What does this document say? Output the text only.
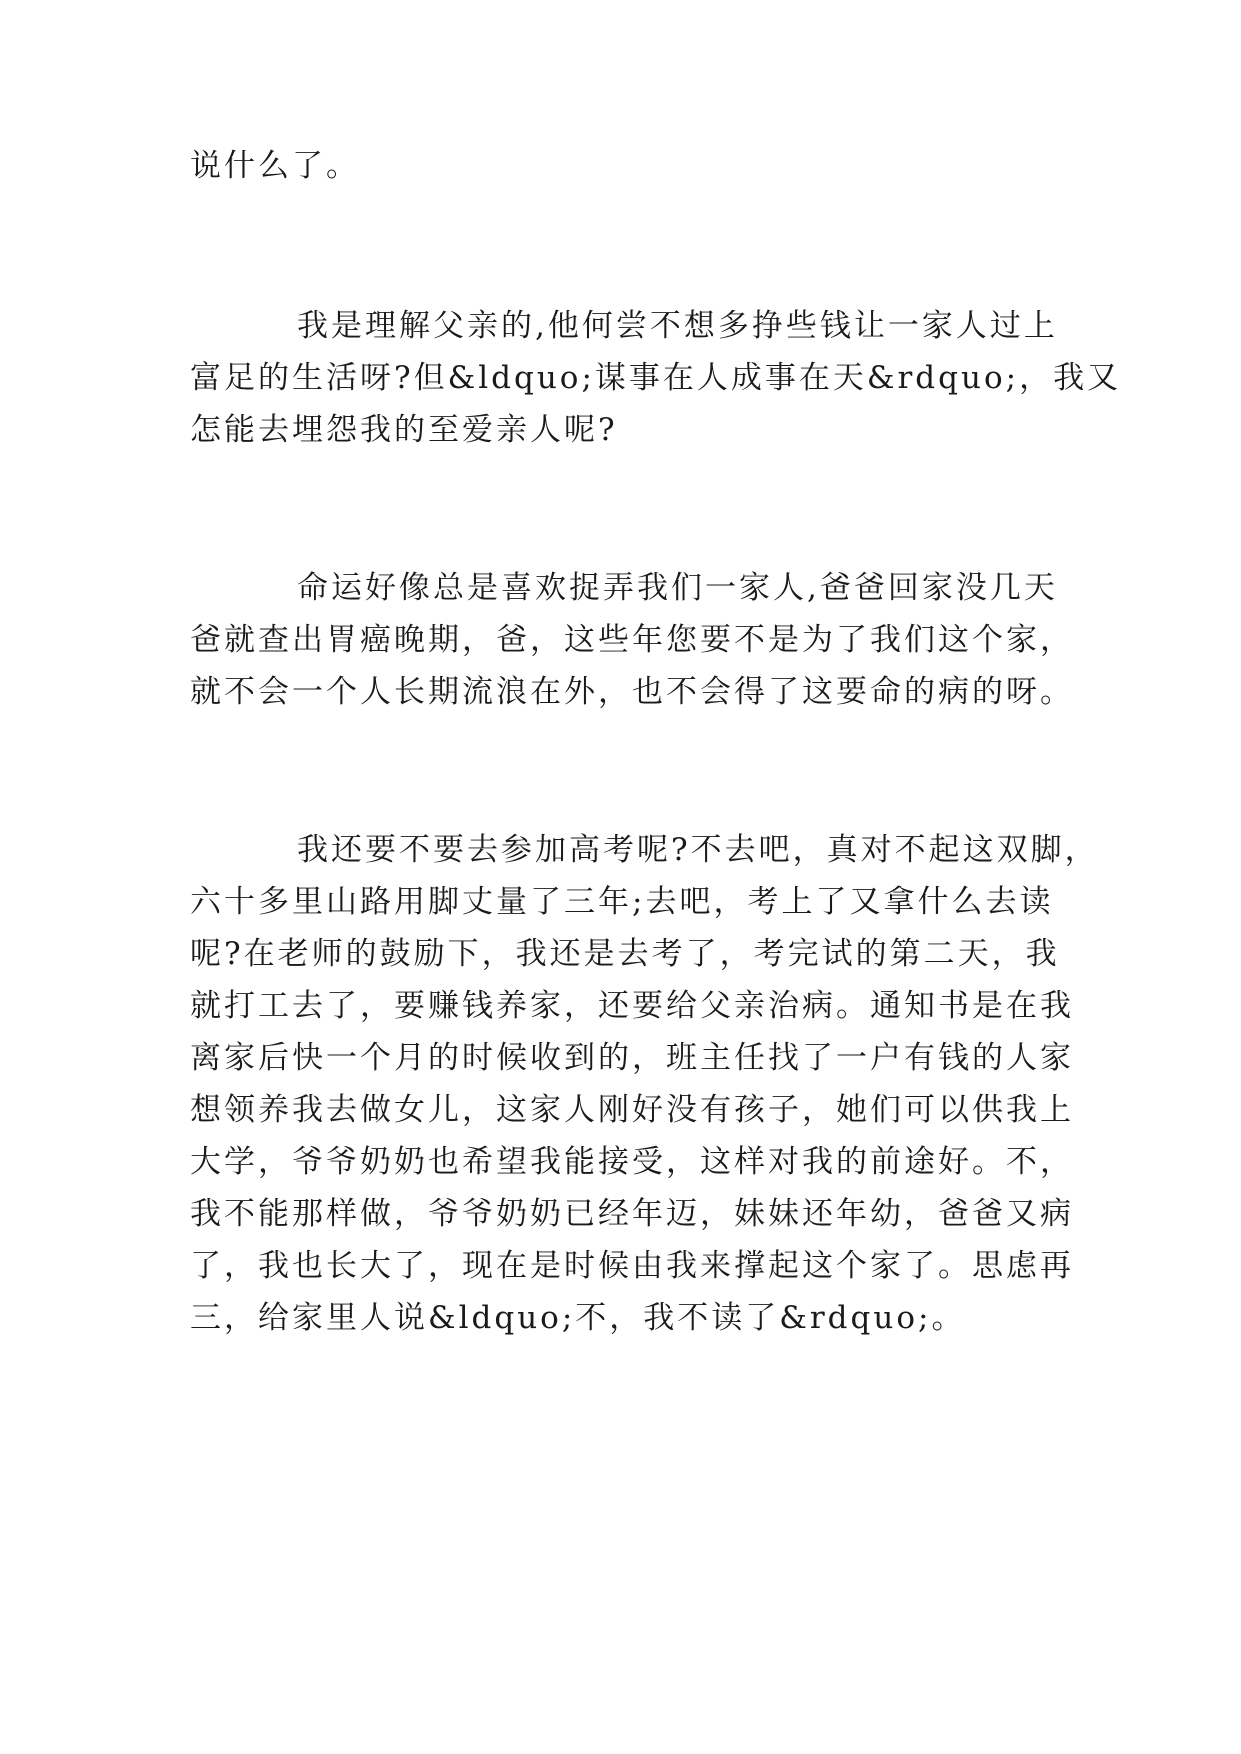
说什么了。
我是理解父亲的,他何尝不想多挣些钱让一家人过上
富足的生活呀?但&ldquo;谋事在人成事在天&rdquo;，我又
怎能去埋怨我的至爱亲人呢?
命运好像总是喜欢捉弄我们一家人,爸爸回家没几天
爸就查出胃癌晚期，爸，这些年您要不是为了我们这个家，
就不会一个人长期流浪在外，也不会得了这要命的病的呀。
我还要不要去参加高考呢?不去吧，真对不起这双脚，
六十多里山路用脚丈量了三年;去吧，考上了又拿什么去读
呢?在老师的鼓励下，我还是去考了，考完试的第二天，我
就打工去了，要赚钱养家，还要给父亲治病。通知书是在我
离家后快一个月的时候收到的，班主任找了一户有钱的人家
想领养我去做女儿，这家人刚好没有孩子，她们可以供我上
大学，爷爷奶奶也希望我能接受，这样对我的前途好。不，
我不能那样做，爷爷奶奶已经年迈，妹妹还年幼，爸爸又病
了，我也长大了，现在是时候由我来撑起这个家了。思虑再
三，给家里人说&ldquo;不，我不读了&rdquo;。
